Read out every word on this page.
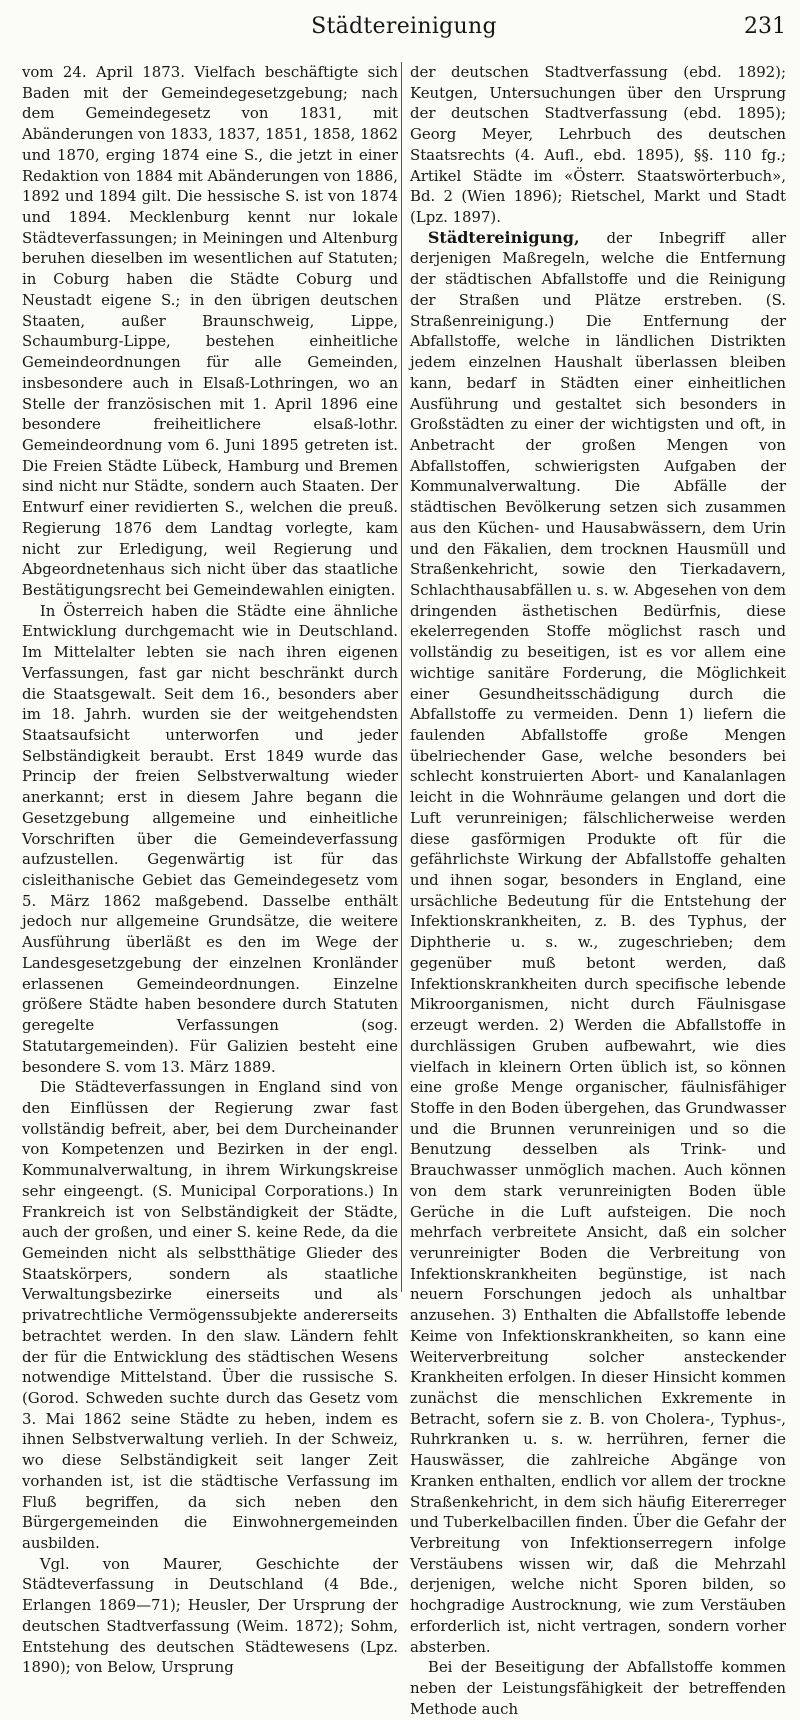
Städtereinigung	231

vom 24. April 1873. Vielfach beschäftigte sich Baden mit der Gemeindegesetzgebung; nach dem Gemeindegesetz von 1831, mit Abänderungen von 1833, 1837, 1851, 1858, 1862 und 1870, erging 1874 eine S., die jetzt in einer Redaktion von 1884 mit Abänderungen von 1886, 1892 und 1894 gilt. Die hessische S. ist von 1874 und 1894. Mecklenburg kennt nur lokale Städteverfassungen; in Meiningen und Altenburg beruhen dieselben im wesentlichen auf Statuten; in Coburg haben die Städte Coburg und Neustadt eigene S.; in den übrigen deutschen Staaten, außer Braunschweig, Lippe, Schaumburg-Lippe, bestehen einheitliche Gemeindeordnungen für alle Gemeinden, insbesondere auch in Elsaß-Lothringen, wo an Stelle der französischen mit 1. April 1896 eine besondere freiheitlichere elsaß-lothr. Gemeindeordnung vom 6. Juni 1895 getreten ist. Die Freien Städte Lübeck, Hamburg und Bremen sind nicht nur Städte, sondern auch Staaten. Der Entwurf einer revidierten S., welchen die preuß. Regierung 1876 dem Landtag vorlegte, kam nicht zur Erledigung, weil Regierung und Abgeordnetenhaus sich nicht über das staatliche Bestätigungsrecht bei Gemeindewahlen einigten.

In Österreich haben die Städte eine ähnliche Entwicklung durchgemacht wie in Deutschland. Im Mittelalter lebten sie nach ihren eigenen Verfassungen, fast gar nicht beschränkt durch die Staatsgewalt. Seit dem 16., besonders aber im 18. Jahrh. wurden sie der weitgehendsten Staatsaufsicht unterworfen und jeder Selbständigkeit beraubt. Erst 1849 wurde das Princip der freien Selbstverwaltung wieder anerkannt; erst in diesem Jahre begann die Gesetzgebung allgemeine und einheitliche Vorschriften über die Gemeindeverfassung aufzustellen. Gegenwärtig ist für das cisleithanische Gebiet das Gemeindegesetz vom 5. März 1862 maßgebend. Dasselbe enthält jedoch nur allgemeine Grundsätze, die weitere Ausführung überläßt es den im Wege der Landesgesetzgebung der einzelnen Kronländer erlassenen Gemeindeordnungen. Einzelne größere Städte haben besondere durch Statuten geregelte Verfassungen (sog. Statutargemeinden). Für Galizien besteht eine besondere S. vom 13. März 1889.

Die Städteverfassungen in England sind von den Einflüssen der Regierung zwar fast vollständig befreit, aber, bei dem Durcheinander von Kompetenzen und Bezirken in der engl. Kommunalverwaltung, in ihrem Wirkungskreise sehr eingeengt. (S. Municipal Corporations.) In Frankreich ist von Selbständigkeit der Städte, auch der großen, und einer S. keine Rede, da die Gemeinden nicht als selbstthätige Glieder des Staatskörpers, sondern als staatliche Verwaltungsbezirke einerseits und als privatrechtliche Vermögenssubjekte andererseits betrachtet werden. In den slaw. Ländern fehlt der für die Entwicklung des städtischen Wesens notwendige Mittelstand. Über die russische S. (Gorod. Schweden suchte durch das Gesetz vom 3. Mai 1862 seine Städte zu heben, indem es ihnen Selbstverwaltung verlieh. In der Schweiz, wo diese Selbständigkeit seit langer Zeit vorhanden ist, ist die städtische Verfassung im Fluß begriffen, da sich neben den Bürgergemeinden die Einwohnergemeinden ausbilden.

Vgl. von Maurer, Geschichte der Städteverfassung in Deutschland (4 Bde., Erlangen 1869—71); Heusler, Der Ursprung der deutschen Stadtverfassung (Weim. 1872); Sohm, Entstehung des deutschen Städtewesens (Lpz. 1890); von Below, Ursprung

der deutschen Stadtverfassung (ebd. 1892); Keutgen, Untersuchungen über den Ursprung der deutschen Stadtverfassung (ebd. 1895); Georg Meyer, Lehrbuch des deutschen Staatsrechts (4. Aufl., ebd. 1895), §§. 110 fg.; Artikel Städte im «Österr. Staatswörterbuch», Bd. 2 (Wien 1896); Rietschel, Markt und Stadt (Lpz. 1897).

Städtereinigung, der Inbegriff aller derjenigen Maßregeln, welche die Entfernung der städtischen Abfallstoffe und die Reinigung der Straßen und Plätze erstreben. (S. Straßenreinigung.) Die Entfernung der Abfallstoffe, welche in ländlichen Distrikten jedem einzelnen Haushalt überlassen bleiben kann, bedarf in Städten einer einheitlichen Ausführung und gestaltet sich besonders in Großstädten zu einer der wichtigsten und oft, in Anbetracht der großen Mengen von Abfallstoffen, schwierigsten Aufgaben der Kommunalverwaltung. Die Abfälle der städtischen Bevölkerung setzen sich zusammen aus den Küchen- und Hausabwässern, dem Urin und den Fäkalien, dem trocknen Hausmüll und Straßenkehricht, sowie den Tierkadavern, Schlachthausabfällen u. s. w. Abgesehen von dem dringenden ästhetischen Bedürfnis, diese ekelerregenden Stoffe möglichst rasch und vollständig zu beseitigen, ist es vor allem eine wichtige sanitäre Forderung, die Möglichkeit einer Gesundheitsschädigung durch die Abfallstoffe zu vermeiden. Denn 1) liefern die faulenden Abfallstoffe große Mengen übelriechender Gase, welche besonders bei schlecht konstruierten Abort- und Kanalanlagen leicht in die Wohnräume gelangen und dort die Luft verunreinigen; fälschlicherweise werden diese gasförmigen Produkte oft für die gefährlichste Wirkung der Abfallstoffe gehalten und ihnen sogar, besonders in England, eine ursächliche Bedeutung für die Entstehung der Infektionskrankheiten, z. B. des Typhus, der Diphtherie u. s. w., zugeschrieben; dem gegenüber muß betont werden, daß Infektionskrankheiten durch specifische lebende Mikroorganismen, nicht durch Fäulnisgase erzeugt werden. 2) Werden die Abfallstoffe in durchlässigen Gruben aufbewahrt, wie dies vielfach in kleinern Orten üblich ist, so können eine große Menge organischer, fäulnisfähiger Stoffe in den Boden übergehen, das Grundwasser und die Brunnen verunreinigen und so die Benutzung desselben als Trink- und Brauchwasser unmöglich machen. Auch können von dem stark verunreinigten Boden üble Gerüche in die Luft aufsteigen. Die noch mehrfach verbreitete Ansicht, daß ein solcher verunreinigter Boden die Verbreitung von Infektionskrankheiten begünstige, ist nach neuern Forschungen jedoch als unhaltbar anzusehen. 3) Enthalten die Abfallstoffe lebende Keime von Infektionskrankheiten, so kann eine Weiterverbreitung solcher ansteckender Krankheiten erfolgen. In dieser Hinsicht kommen zunächst die menschlichen Exkremente in Betracht, sofern sie z. B. von Cholera-, Typhus-, Ruhrkranken u. s. w. herrühren, ferner die Hauswässer, die zahlreiche Abgänge von Kranken enthalten, endlich vor allem der trockne Straßenkehricht, in dem sich häufig Eitererreger und Tuberkelbacillen finden. Über die Gefahr der Verbreitung von Infektionserregern infolge Verstäubens wissen wir, daß die Mehrzahl derjenigen, welche nicht Sporen bilden, so hochgradige Austrocknung, wie zum Verstäuben erforderlich ist, nicht vertragen, sondern vorher absterben.

Bei der Beseitigung der Abfallstoffe kommen neben der Leistungsfähigkeit der betreffenden Methode auch
